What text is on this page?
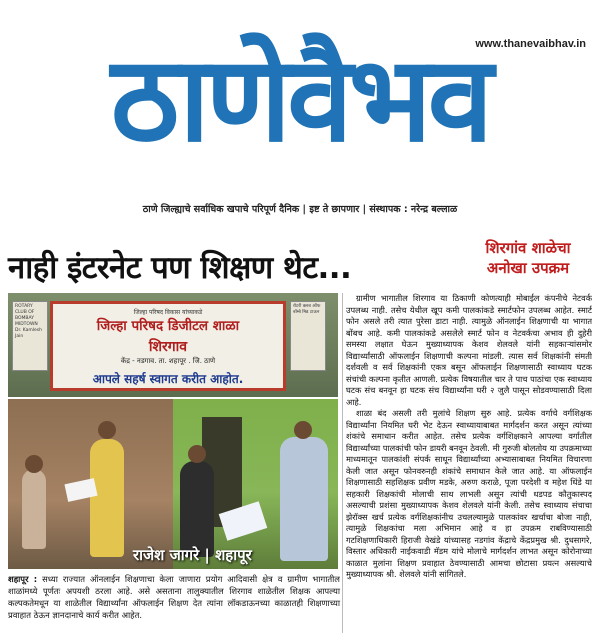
www.thanevaibhav.in
ठाणेवैभव
ठाणे जिल्ह्याचे सर्वाधिक खपाचे परिपूर्ण दैनिक | इष्ट ते छापणार | संस्थापक : नरेन्द्र बल्लाळ
नाही इंटरनेट पण शिक्षण थेट...
शिरगांव शाळेचा
अनोखा उपक्रम
ROTARY CLUB OF BOMBAY MIDTOWN Dr. Kamlesh Jain
जिल्हा परिषद विकास यांच्याकडे
जिल्हा परिषद डिजीटल शाळा
शिरगाव
केंद्र - नडगाव. ता. शहापूर . जि. ठाणे
आपले सहर्ष स्वागत करीत आहोत.
रोटरी क्लब ऑफ बॉम्बे मिड टाऊन
राजेश जागरे | शहापूर
शहापूर : सध्या राज्यात ऑनलाईन शिक्षणाचा केला जाणारा प्रयोग आदिवासी क्षेत्र व ग्रामीण भागातील शाळांमध्ये पूर्णतः अपयशी ठरला आहे. असे असताना तालुक्यातील शिरगाव शाळेतील शिक्षक आपल्या कल्पकतेमधून या शाळेतील विद्यार्थ्यांना ऑफलाईन शिक्षण देत त्यांना लॉकडाऊनच्या काळातही शिक्षणाच्या प्रवाहात ठेऊन ज्ञानदानाचे कार्य करीत आहेत.

ग्रामीण भागातील शिरगाव या ठिकाणी कोणत्याही मोबाईल कंपनीचे नेटवर्क उपलब्ध नाही. तसेच येथील खूप कमी पालकांकडे स्मार्टफोन उपलब्ध आहेत. स्मार्ट फोन असले तरी त्यात पुरेसा डाटा नाही. त्यामुळे ऑनलाईन शिक्षणाची या भागात बोंबच आहे. कमी पालकांकडे असलेले स्मार्ट फोन व नेटवर्कचा अभाव ही दुहेरी समस्या लक्षात घेऊन मुख्याध्यापक केशव शेलवले यांनी सहकाऱ्यांसमोर विद्यार्थ्यांसाठी ऑफलाईन शिक्षणाची कल्पना मांडली. त्यास सर्व शिक्षकांनी संमती दर्शवली व सर्व शिक्षकांनी एकत्र बसून ऑफलाईन शिक्षणासाठी स्वाध्याय घटक संचांची कल्पना कृतीत आणली. प्रत्येक विषयातील चार ते पाच पाठांचा एक स्वाध्याय घटक संच बनवून हा घटक संच विद्यार्थ्यांना घरी २ जुलै पासून सोडवण्यासाठी दिला आहे.

शाळा बंद असली तरी मुलांचे शिक्षण सुरु आहे. प्रत्येक वर्गाचे वर्गशिक्षक विद्यार्थ्यांना नियमित घरी भेट देऊन स्वाध्यायाबाबत मार्गदर्शन करत असून त्यांच्या शंकांचे समाधान करीत आहेत. तसेच प्रत्येक वर्गशिक्षकाने आपल्या वर्गातील विद्यार्थ्यांच्या पालकांची फोन डायरी बनवून ठेवली. मी गुरुजी बोलतोय या उपक्रमाच्या माध्यमातून पालकांशी संपर्क साधून विद्यार्थ्यांच्या अभ्यासाबाबत नियमित विचारणा केली जात असून फोनवरुनही शंकांचे समाधान केले जात आहे. या ऑफलाईन शिक्षणासाठी सहशिक्षक प्रवीण मडके, अरुण कराळे, पूजा परदेशी व महेश धिंडे या सहकारी शिक्षकांची मोलाची साथ लाभली असून त्यांची धडपड कौतुकास्पद असल्याची प्रशंसा मुख्याध्यापक केशव शेलवले यांनी केली. तसेच स्वाध्याय संचाचा झेरॉक्स खर्च प्रत्येक वर्गशिक्षकांनीच उचलल्यामुळे पालकांवर खर्चाचा बोजा नाही, त्यामुळे शिक्षकांचा मला अभिमान आहे व हा उपक्रम राबविण्यासाठी गटशिक्षणाधिकारी हिराजी वेखंडे यांच्यासह नडगांव केंद्राचे केंद्रप्रमुख श्री. दुधसागरे, विस्तार अधिकारी नाईकवाडी मॅडम यांचे मोलाचे मार्गदर्शन लाभत असून कोरोनाच्या काळात मुलांना शिक्षण प्रवाहात ठेवण्यासाठी आमचा छोटासा प्रयत्न असल्याचे मुख्याध्यापक श्री. शेलवले यांनी सांगितले.
